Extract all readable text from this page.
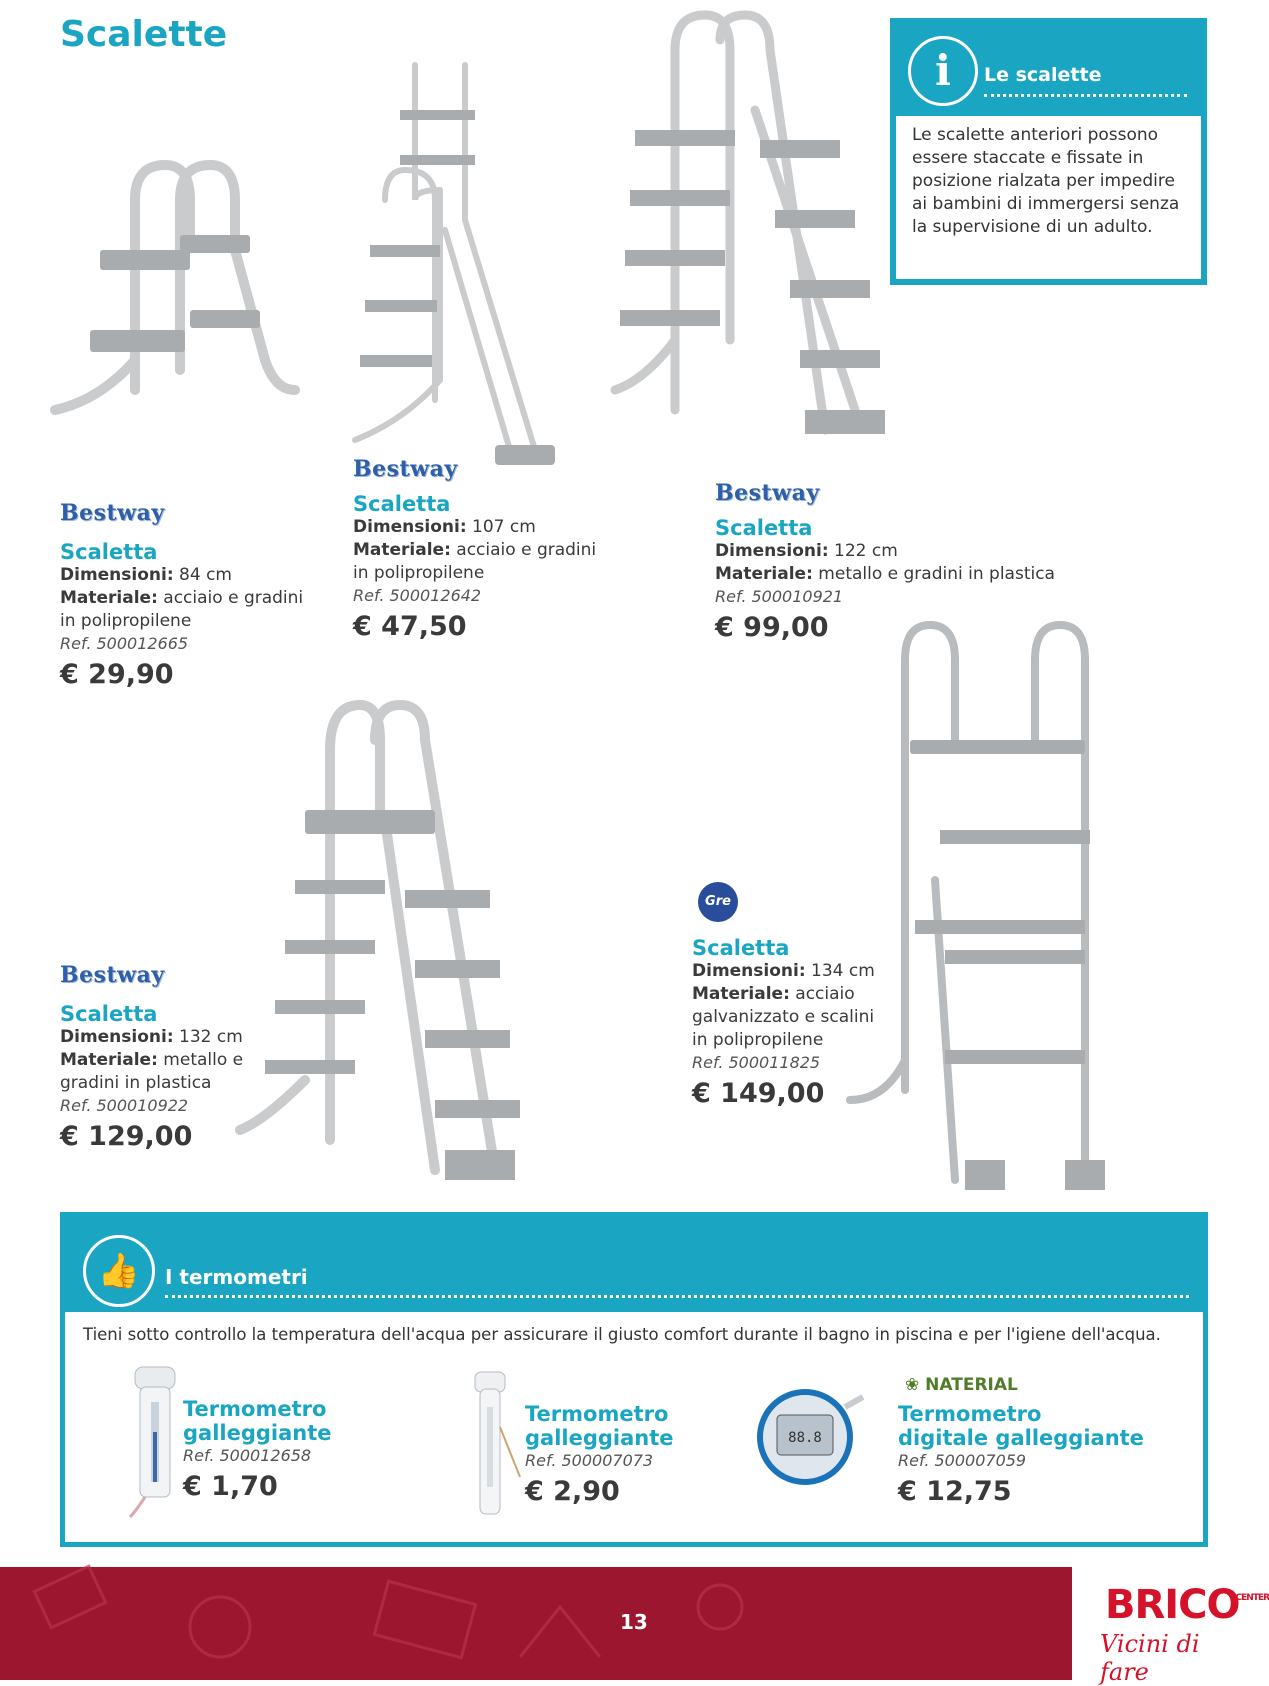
Scalette
Bestway
Scaletta
Dimensioni: 84 cm
Materiale: acciaio e gradini in polipropilene
Ref. 500012665
€ 29,90
Bestway
Scaletta
Dimensioni: 107 cm
Materiale: acciaio e gradini in polipropilene
Ref. 500012642
€ 47,50
Bestway
Scaletta
Dimensioni: 122 cm
Materiale: metallo e gradini in plastica
Ref. 500010921
€ 99,00
Bestway
Scaletta
Dimensioni: 132 cm
Materiale: metallo e gradini in plastica
Ref. 500010922
€ 129,00
Gre
Scaletta
Dimensioni: 134 cm
Materiale: acciaio galvanizzato e scalini in polipropilene
Ref. 500011825
€ 149,00
i	Le scalette
Le scalette anteriori possono essere staccate e fissate in posizione rialzata per impedire ai bambini di immergersi senza la supervisione di un adulto.
👍	I termometri
Tieni sotto controllo la temperatura dell'acqua per assicurare il giusto comfort durante il bagno in piscina e per l'igiene dell'acqua.
88.8
Termometro
galleggiante
Ref. 500012658
€ 1,70
Termometro
galleggiante
Ref. 500007073
€ 2,90
Termometro
digitale galleggiante
Ref. 500007059
€ 12,75
❀ NATERIAL
13	$BRICO^{CENTER}$
Vicini di fare
